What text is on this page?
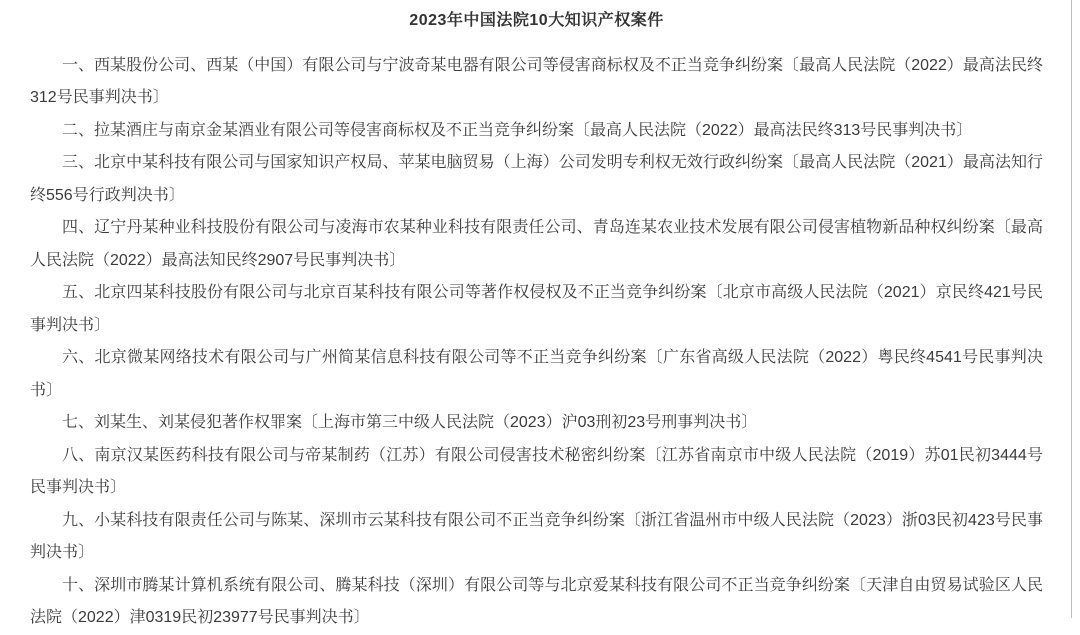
2023年中国法院10大知识产权案件

一、西某股份公司、西某（中国）有限公司与宁波奇某电器有限公司等侵害商标权及不正当竞争纠纷案〔最高人民法院（2022）最高法民终312号民事判决书〕

二、拉某酒庄与南京金某酒业有限公司等侵害商标权及不正当竞争纠纷案〔最高人民法院（2022）最高法民终313号民事判决书〕

三、北京中某科技有限公司与国家知识产权局、苹某电脑贸易（上海）公司发明专利权无效行政纠纷案〔最高人民法院（2021）最高法知行终556号行政判决书〕

四、辽宁丹某种业科技股份有限公司与凌海市农某种业科技有限责任公司、青岛连某农业技术发展有限公司侵害植物新品种权纠纷案〔最高人民法院（2022）最高法知民终2907号民事判决书〕

五、北京四某科技股份有限公司与北京百某科技有限公司等著作权侵权及不正当竞争纠纷案〔北京市高级人民法院（2021）京民终421号民事判决书〕

六、北京微某网络技术有限公司与广州简某信息科技有限公司等不正当竞争纠纷案〔广东省高级人民法院（2022）粤民终4541号民事判决书〕

七、刘某生、刘某侵犯著作权罪案〔上海市第三中级人民法院（2023）沪03刑初23号刑事判决书〕

八、南京汉某医药科技有限公司与帝某制药（江苏）有限公司侵害技术秘密纠纷案〔江苏省南京市中级人民法院（2019）苏01民初3444号民事判决书〕

九、小某科技有限责任公司与陈某、深圳市云某科技有限公司不正当竞争纠纷案〔浙江省温州市中级人民法院（2023）浙03民初423号民事判决书〕

十、深圳市腾某计算机系统有限公司、腾某科技（深圳）有限公司等与北京爱某科技有限公司不正当竞争纠纷案〔天津自由贸易试验区人民法院（2022）津0319民初23977号民事判决书〕
